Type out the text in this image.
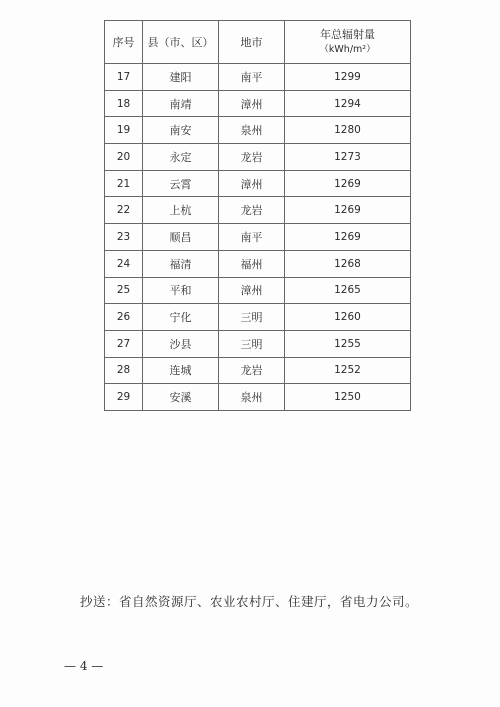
序号	县（市、区）	地市	年总辐射量
（kWh/m²）

17	建阳	南平	1299
18	南靖	漳州	1294
19	南安	泉州	1280
20	永定	龙岩	1273
21	云霄	漳州	1269
22	上杭	龙岩	1269
23	顺昌	南平	1269
24	福清	福州	1268
25	平和	漳州	1265
26	宁化	三明	1260
27	沙县	三明	1255
28	连城	龙岩	1252
29	安溪	泉州	1250
抄送：省自然资源厅、农业农村厅、住建厅，省电力公司。
— 4 —
